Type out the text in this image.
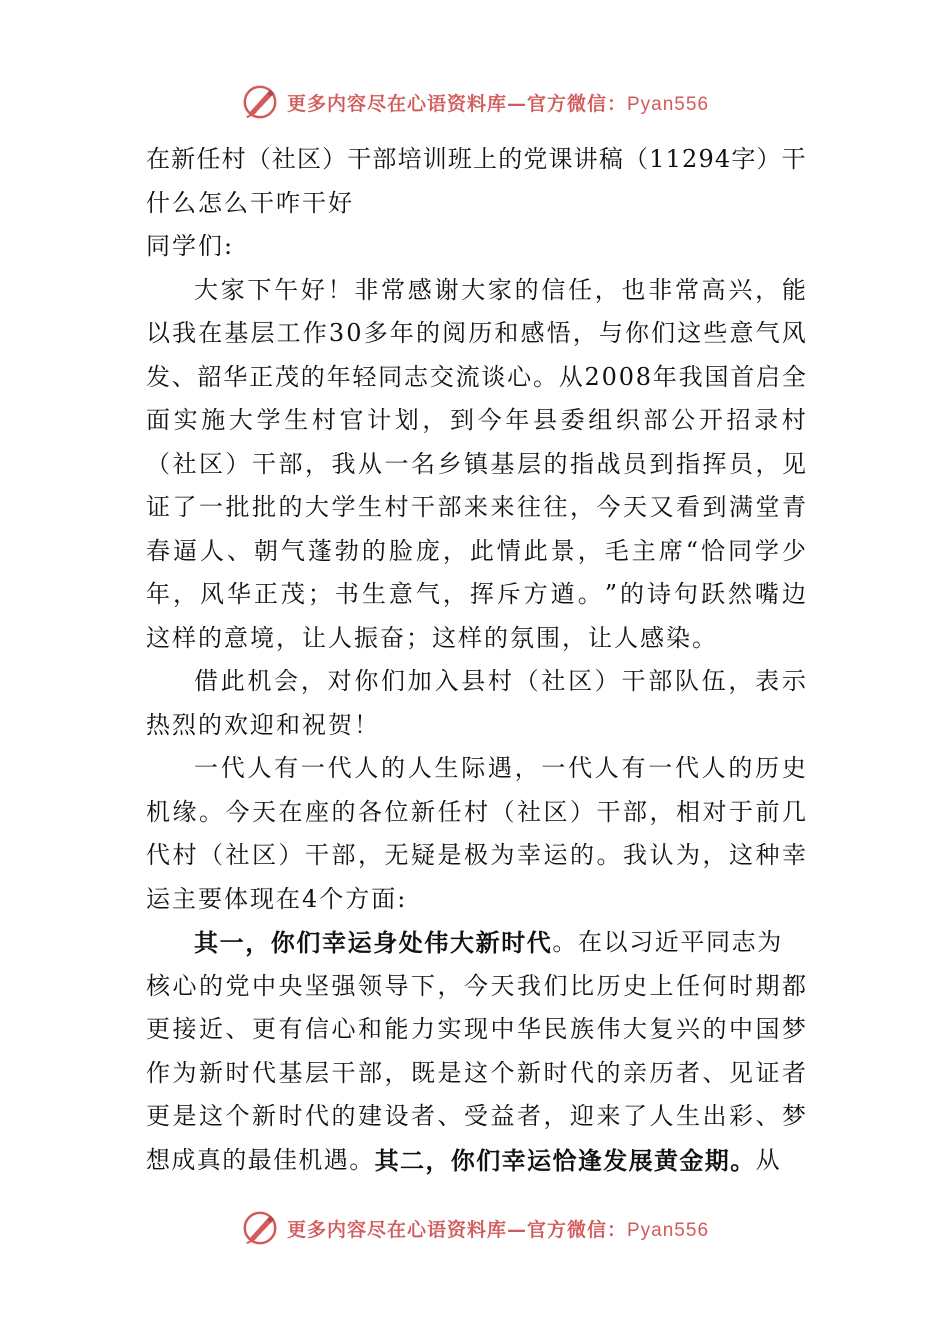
更多内容尽在心语资料库—官方微信：Pyan556
在 新 任 村 （ 社 区 ） 干 部 培 训 班 上 的 党 课 讲 稿 （ 1 1 2 9 4 字 ） 干
什么怎么干咋干好
同学们:
大 家 下 午 好 ！ 非 常 感 谢 大 家 的 信 任 ， 也 非 常 高 兴 ， 能
以 我 在 基 层 工 作 3 0 多 年 的 阅 历 和 感 悟 ， 与 你 们 这 些 意 气 风
发 、 韶 华 正 茂 的 年 轻 同 志 交 流 谈 心 。 从 2 0 0 8 年 我 国 首 启 全
面 实 施 大 学 生 村 官 计 划 ， 到 今 年 县 委 组 织 部 公 开 招 录 村
（ 社 区 ） 干 部 ， 我 从 一 名 乡 镇 基 层 的 指 战 员 到 指 挥 员 ， 见
证 了 一 批 批 的 大 学 生 村 干 部 来 来 往 往 ， 今 天 又 看 到 满 堂 青
春 逼 人 、 朝 气 蓬 勃 的 脸 庞 ， 此 情 此 景 ， 毛 主 席 “ 恰 同 学 少
年 ， 风 华 正 茂 ； 书 生 意 气 ， 挥 斥 方 遒 。 ” 的 诗 句 跃 然 嘴 边
这样的意境，让人振奋；这样的氛围，让人感染。
借 此 机 会 ， 对 你 们 加 入 县 村 （ 社 区 ） 干 部 队 伍 ， 表 示
热烈的欢迎和祝贺！
一 代 人 有 一 代 人 的 人 生 际 遇 ， 一 代 人 有 一 代 人 的 历 史
机 缘 。 今 天 在 座 的 各 位 新 任 村 （ 社 区 ） 干 部 ， 相 对 于 前 几
代 村 （ 社 区 ） 干 部 ， 无 疑 是 极 为 幸 运 的 。 我 认 为 ， 这 种 幸
运主要体现在4个方面:
其一，你们幸运身处伟大新时代 。在以习近平同志为
核 心 的 党 中 央 坚 强 领 导 下 ， 今 天 我 们 比 历 史 上 任 何 时 期 都
更 接 近 、 更 有 信 心 和 能 力 实 现 中 华 民 族 伟 大 复 兴 的 中 国 梦
作 为 新 时 代 基 层 干 部 ， 既 是 这 个 新 时 代 的 亲 历 者 、 见 证 者
更 是 这 个 新 时 代 的 建 设 者 、 受 益 者 ， 迎 来 了 人 生 出 彩 、 梦
想成真的最佳机遇。 其二，你们幸运恰逢发展黄金期。 从
更多内容尽在心语资料库—官方微信：Pyan556
